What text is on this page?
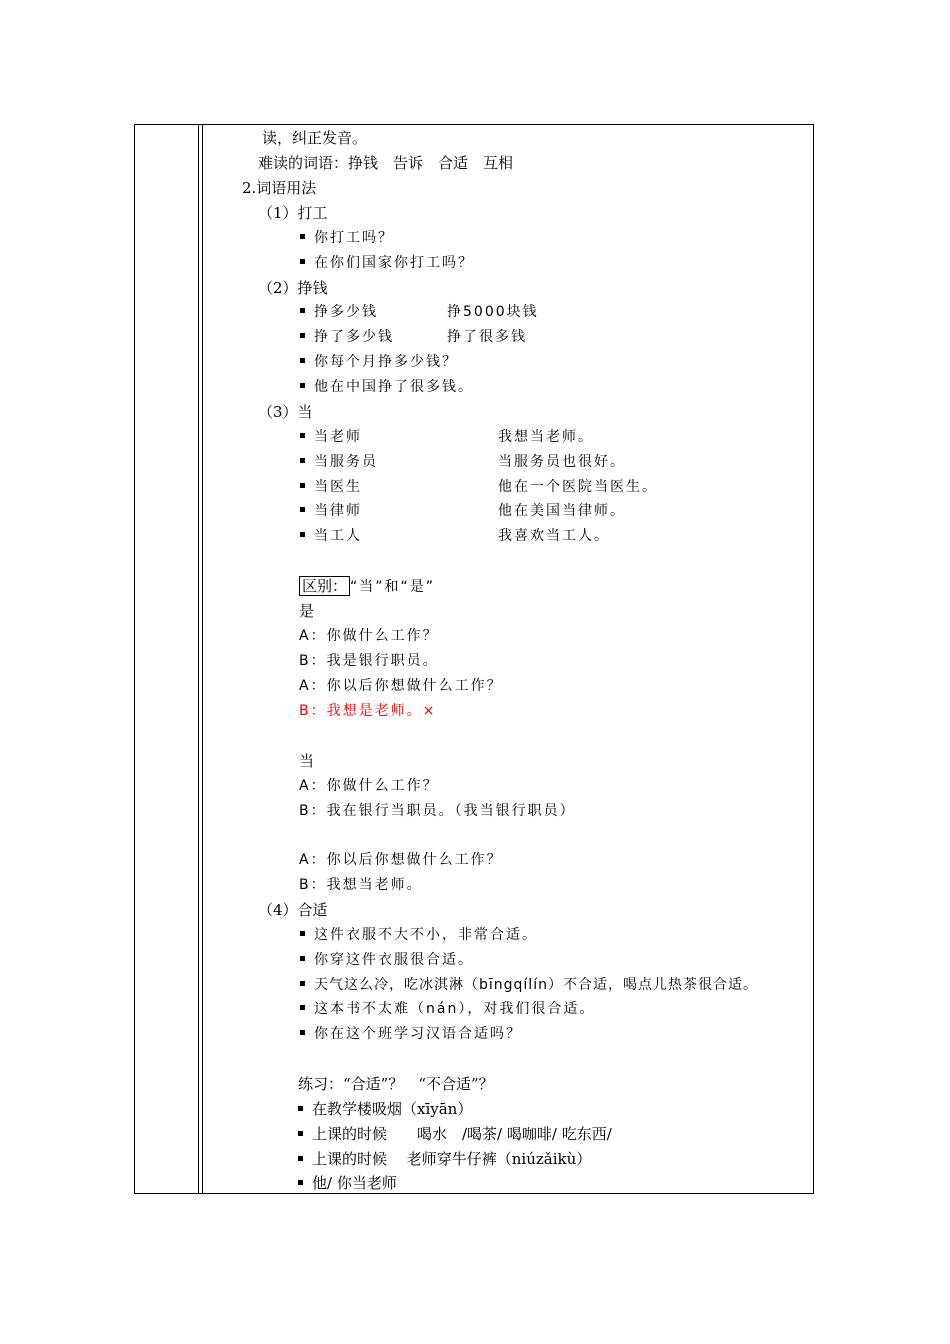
读，纠正发音。
难读的词语：挣钱　告诉　合适　互相
2.词语用法
（1）打工
你打工吗？
在你们国家你打工吗？
（2）挣钱
挣多少钱	挣5000块钱
挣了多少钱	挣了很多钱
你每个月挣多少钱？
他在中国挣了很多钱。
（3）当
当老师	我想当老师。
当服务员	当服务员也很好。
当医生	他在一个医院当医生。
当律师	他在美国当律师。
当工人	我喜欢当工人。
区别： “当”和“是”
是
A：你做什么工作？
B：我是银行职员。
A：你以后你想做什么工作？
B：我想是老师。×
当
A：你做什么工作？
B：我在银行当职员。（我当银行职员）
A：你以后你想做什么工作？
B：我想当老师。
（4）合适
这件衣服不大不小，非常合适。
你穿这件衣服很合适。
天气这么冷，吃冰淇淋（bīngqílín）不合适，喝点儿热茶很合适。
这本书不太难（nán），对我们很合适。
你在这个班学习汉语合适吗？
练习：“合适”？　“不合适”？
在教学楼吸烟（xīyān）
上课的时候　　喝水　/喝茶/ 喝咖啡/ 吃东西/
上课的时候　 老师穿牛仔裤（niúzǎikù）
他/ 你当老师
